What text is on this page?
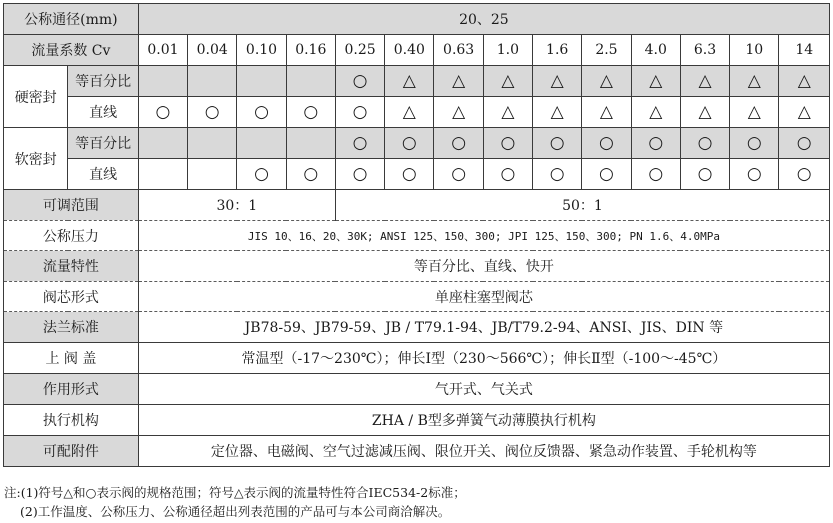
公称通径(mm)		20、25													
流量系数 Cv		0.01	0.04	0.10	0.16	0.25	0.40	0.63	1.0	1.6	2.5	4.0	6.3	10	14
硬密封	等百分比					○	△	△	△	△	△	△	△	△	△
	直线	○	○	○	○	○	△	△	△	△	△	△	△	△	△
软密封	等百分比					○	○	○	○	○	○	○	○	○	○
	直线			○	○	○	○	○	○	○	○	○	○	○	○
可调范围		30：1				50：1									
公称压力		JIS 10、16、20、30K; ANSI 125、150、300; JPI 125、150、300; PN 1.6、4.0MPa													
流量特性		等百分比、直线、快开													
阀芯形式		单座柱塞型阀芯													
法兰标准		JB78-59、JB79-59、JB / T79.1-94、JB/T79.2-94、ANSI、JIS、DIN 等													
上 阀 盖		常温型（-17～230℃）；伸长Ⅰ型（230～566℃）；伸长Ⅱ型（-100～-45℃）													
作用形式		气开式、气关式													
执行机构		ZHA / B型多弹簧气动薄膜执行机构													
可配附件		定位器、电磁阀、空气过滤减压阀、限位开关、阀位反馈器、紧急动作装置、手轮机构等													
注:(1)符号△和○表示阀的规格范围；符号△表示阀的流量特性符合IEC534-2标准；
(2)工作温度、公称压力、公称通径超出列表范围的产品可与本公司商洽解决。
